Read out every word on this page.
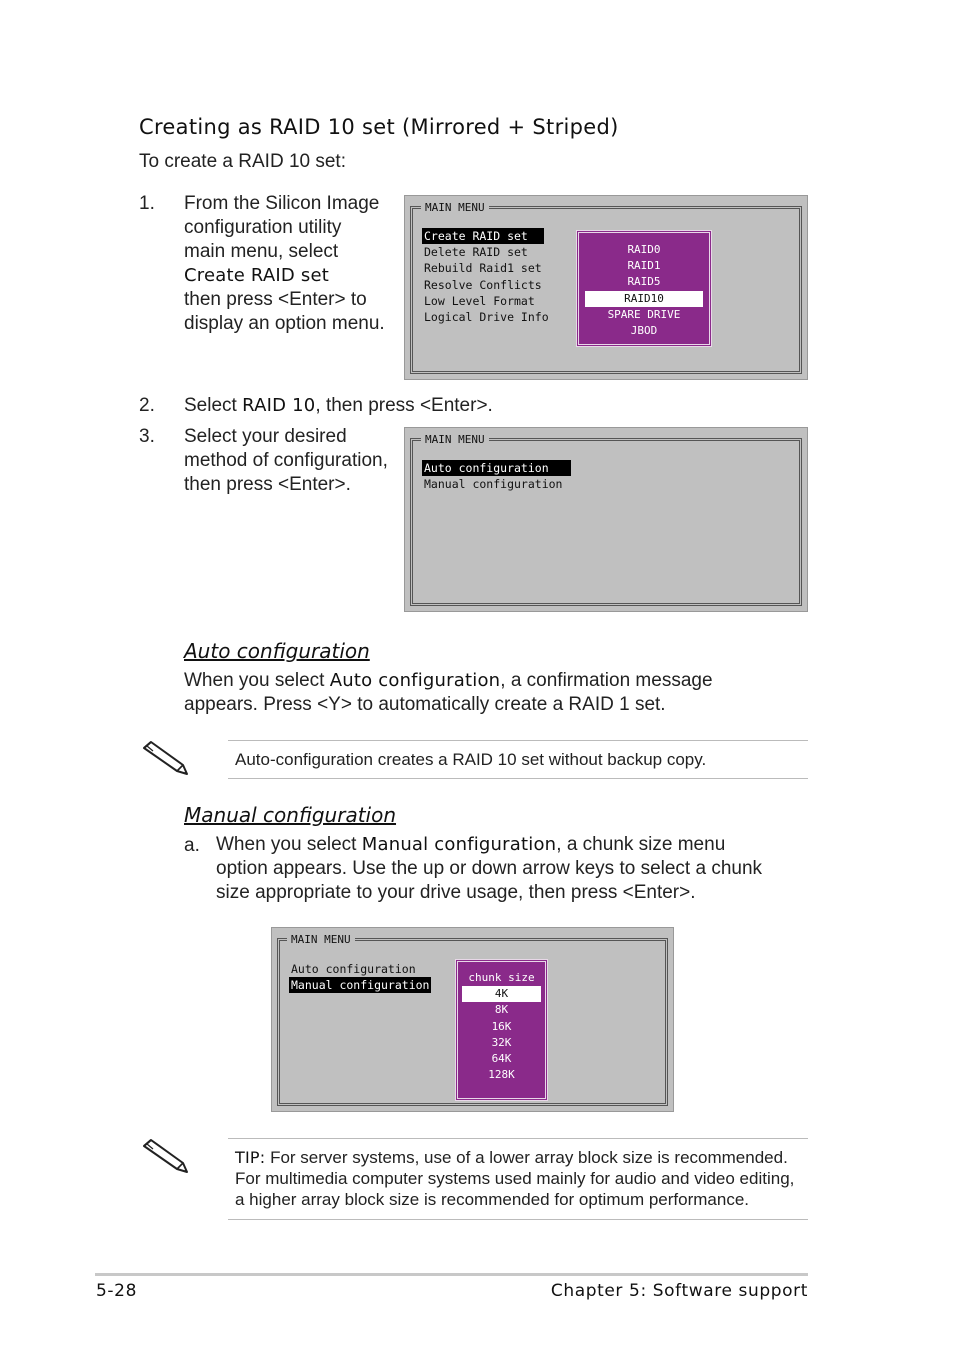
Creating as RAID 10 set (Mirrored + Striped)
To create a RAID 10 set:
1. From the Silicon Image
configuration utility
main menu, select
Create RAID set
then press <Enter> to
display an option menu.
MAIN MENU
Create RAID set
Delete RAID set
Rebuild Raid1 set
Resolve Conflicts
Low Level Format
Logical Drive Info
RAID0
RAID1
RAID5
RAID10
SPARE DRIVE
JBOD
2. Select RAID 10, then press <Enter>.
3. Select your desired
method of configuration,
then press <Enter>.
MAIN MENU
Auto configuration
Manual configuration
Auto configuration
When you select Auto configuration, a confirmation message
appears. Press <Y> to automatically create a RAID 1 set.
Auto-configuration creates a RAID 10 set without backup copy.
Manual configuration
a. When you select Manual configuration, a chunk size menu
option appears. Use the up or down arrow keys to select a chunk
size appropriate to your drive usage, then press <Enter>.
MAIN MENU
Auto configuration
Manual configuration
chunk size
4K
8K
16K
32K
64K
128K
TIP: For server systems, use of a lower array block size is recommended.
For multimedia computer systems used mainly for audio and video editing,
a higher array block size is recommended for optimum performance.
5-28	Chapter 5: Software support
